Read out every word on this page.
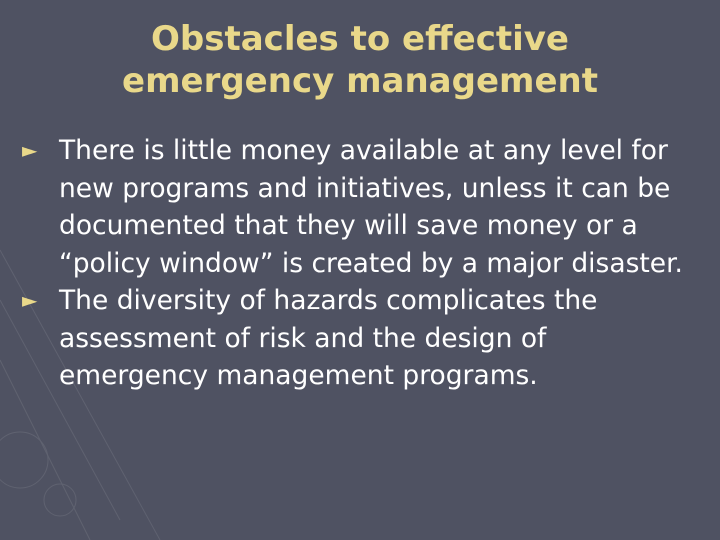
Obstacles to effective
emergency management
► There is little money available at any level for new programs and initiatives, unless it can be documented that they will save money or a “policy window” is created by a major disaster.
► The diversity of hazards complicates the assessment of risk and the design of emergency management programs.
